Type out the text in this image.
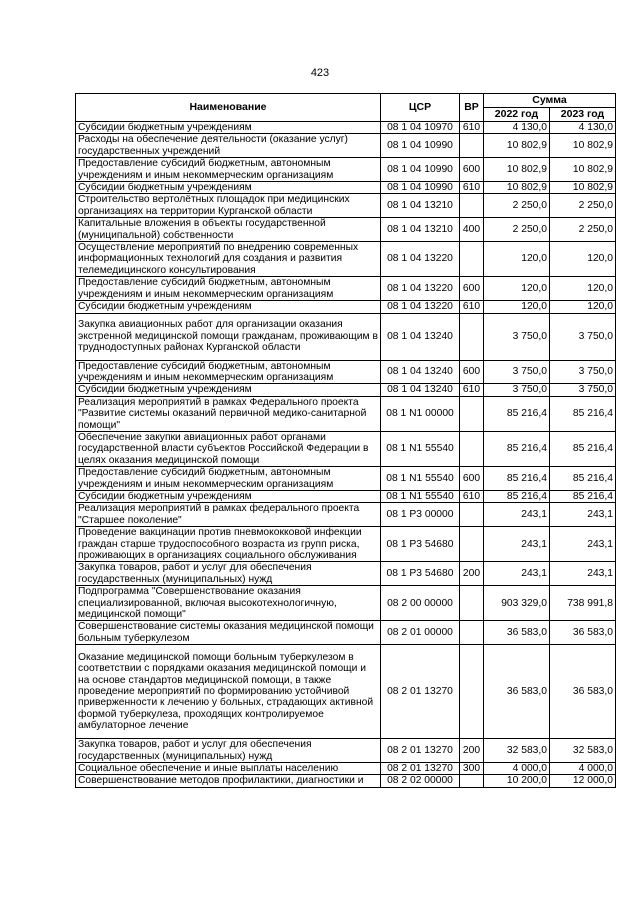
423
Наименование	ЦСР	ВР	Сумма	
			2022 год	2023 год
Субсидии бюджетным учреждениям	08 1 04 10970	610	4 130,0	4 130,0
Расходы на обеспечение деятельности (оказание услуг) государственных учреждений	08 1 04 10990		10 802,9	10 802,9
Предоставление субсидий бюджетным, автономным учреждениям и иным некоммерческим организациям	08 1 04 10990	600	10 802,9	10 802,9
Субсидии бюджетным учреждениям	08 1 04 10990	610	10 802,9	10 802,9
Строительство вертолётных площадок при медицинских организациях на территории Курганской области	08 1 04 13210		2 250,0	2 250,0
Капитальные вложения в объекты государственной (муниципальной) собственности	08 1 04 13210	400	2 250,0	2 250,0
Осуществление мероприятий по внедрению современных информационных технологий для создания и развития телемедицинского консультирования	08 1 04 13220		120,0	120,0
Предоставление субсидий бюджетным, автономным учреждениям и иным некоммерческим организациям	08 1 04 13220	600	120,0	120,0
Субсидии бюджетным учреждениям	08 1 04 13220	610	120,0	120,0
Закупка авиационных работ для организации оказания экстренной медицинской помощи гражданам, проживающим в труднодоступных районах Курганской области	08 1 04 13240		3 750,0	3 750,0
Предоставление субсидий бюджетным, автономным учреждениям и иным некоммерческим организациям	08 1 04 13240	600	3 750,0	3 750,0
Субсидии бюджетным учреждениям	08 1 04 13240	610	3 750,0	3 750,0
Реализация мероприятий в рамках Федерального проекта "Развитие системы оказаний первичной медико-санитарной помощи"	08 1 N1 00000		85 216,4	85 216,4
Обеспечение закупки авиационных работ органами государственной власти субъектов Российской Федерации в целях оказания медицинской помощи	08 1 N1 55540		85 216,4	85 216,4
Предоставление субсидий бюджетным, автономным учреждениям и иным некоммерческим организациям	08 1 N1 55540	600	85 216,4	85 216,4
Субсидии бюджетным учреждениям	08 1 N1 55540	610	85 216,4	85 216,4
Реализация мероприятий в рамках федерального проекта "Старшее поколение"	08 1 P3 00000		243,1	243,1
Проведение вакцинации против пневмококковой инфекции граждан старше трудоспособного возраста из групп риска, проживающих в организациях социального обслуживания	08 1 P3 54680		243,1	243,1
Закупка товаров, работ и услуг для обеспечения государственных (муниципальных) нужд	08 1 P3 54680	200	243,1	243,1
Подпрограмма "Совершенствование оказания специализированной, включая высокотехнологичную, медицинской помощи"	08 2 00 00000		903 329,0	738 991,8
Совершенствование системы оказания медицинской помощи больным туберкулезом	08 2 01 00000		36 583,0	36 583,0
Оказание медицинской помощи больным туберкулезом в соответствии с порядками оказания медицинской помощи и на основе стандартов медицинской помощи, в также проведение мероприятий по формированию устойчивой приверженности к лечению у больных, страдающих активной формой туберкулеза, проходящих контролируемое амбулаторное лечение	08 2 01 13270		36 583,0	36 583,0
Закупка товаров, работ и услуг для обеспечения государственных (муниципальных) нужд	08 2 01 13270	200	32 583,0	32 583,0
Социальное обеспечение и иные выплаты населению	08 2 01 13270	300	4 000,0	4 000,0
Совершенствование методов профилактики, диагностики и	08 2 02 00000		10 200,0	12 000,0
